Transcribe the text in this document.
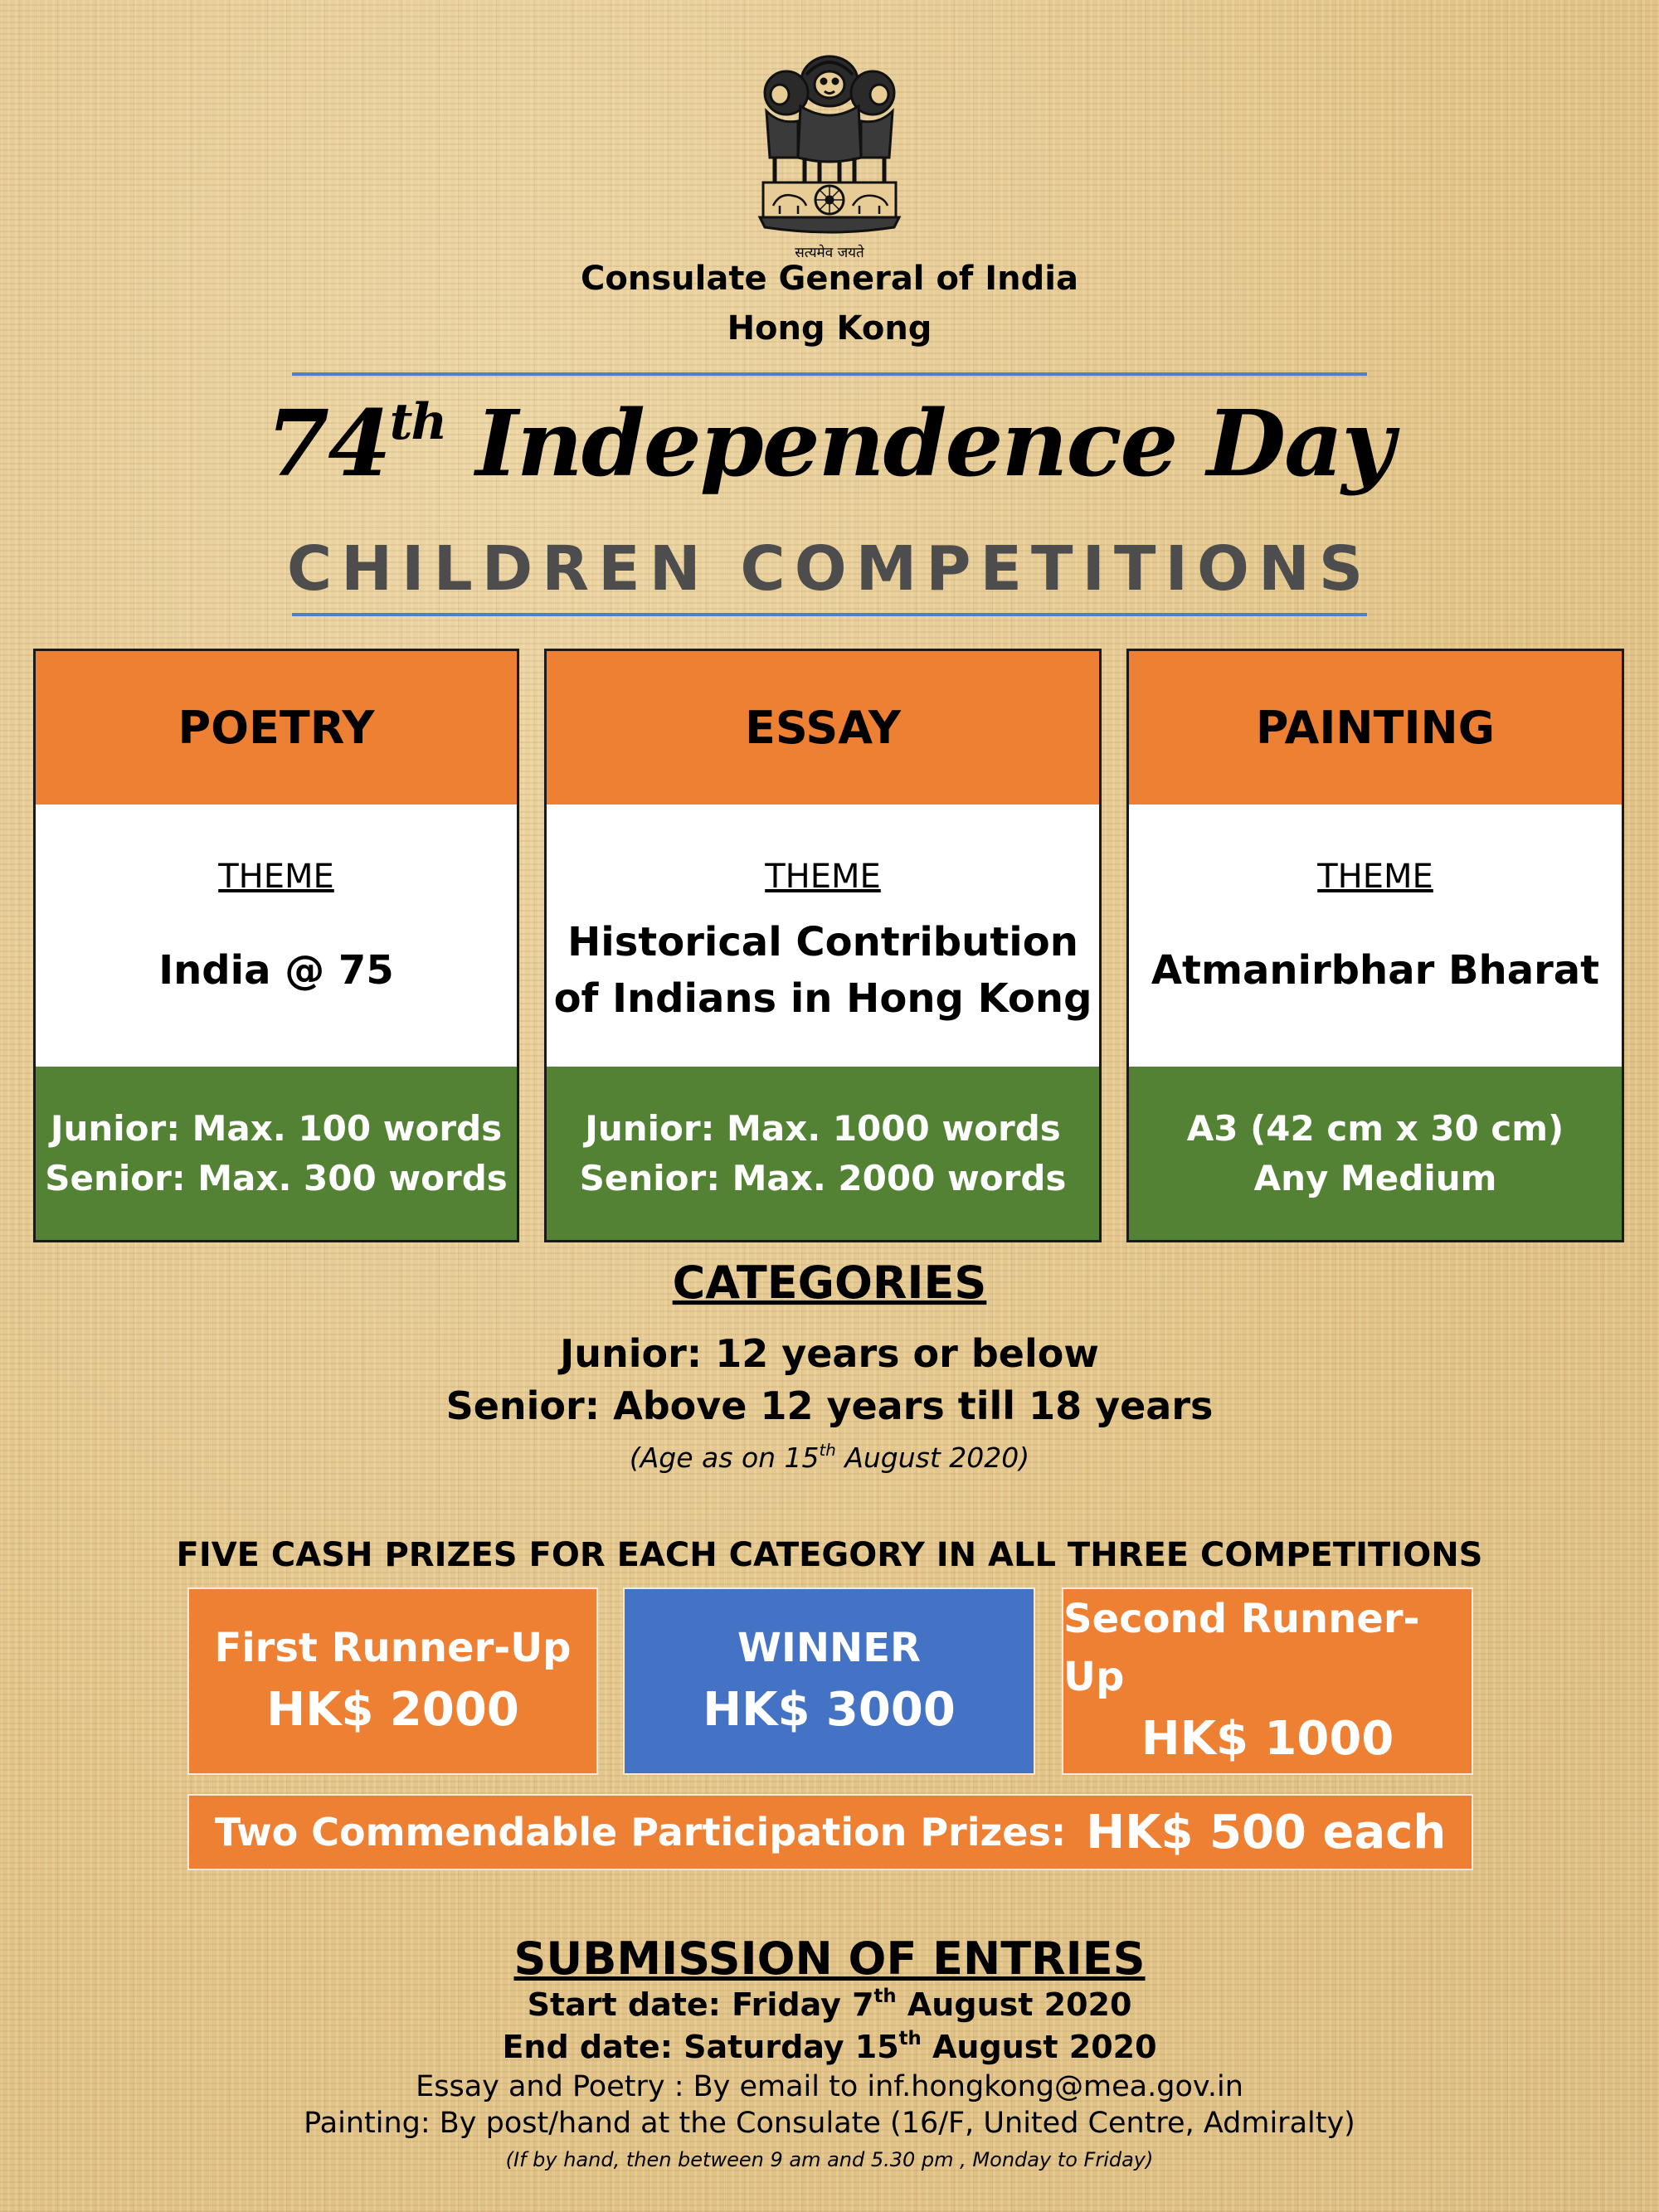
सत्यमेव जयते
Consulate General of India
Hong Kong
74th Independence Day
CHILDREN COMPETITIONS
POETRY
THEME
India @ 75
Junior: Max. 100 words
Senior: Max. 300 words
ESSAY
THEME
Historical Contribution
of Indians in Hong Kong
Junior: Max. 1000 words
Senior: Max. 2000 words
PAINTING
THEME
Atmanirbhar Bharat
A3 (42 cm x 30 cm)
Any Medium
CATEGORIES
Junior: 12 years or below
Senior: Above 12 years till 18 years
(Age as on 15th August 2020)
FIVE CASH PRIZES FOR EACH CATEGORY IN ALL THREE COMPETITIONS
First Runner-Up
HK$ 2000
WINNER
HK$ 3000
Second Runner-Up
HK$ 1000
Two Commendable Participation Prizes: HK$ 500 each
SUBMISSION OF ENTRIES
Start date: Friday 7th August 2020
End date: Saturday 15th August 2020
Essay and Poetry : By email to inf.hongkong@mea.gov.in
Painting: By post/hand at the Consulate (16/F, United Centre, Admiralty)
(If by hand, then between 9 am and 5.30 pm , Monday to Friday)
